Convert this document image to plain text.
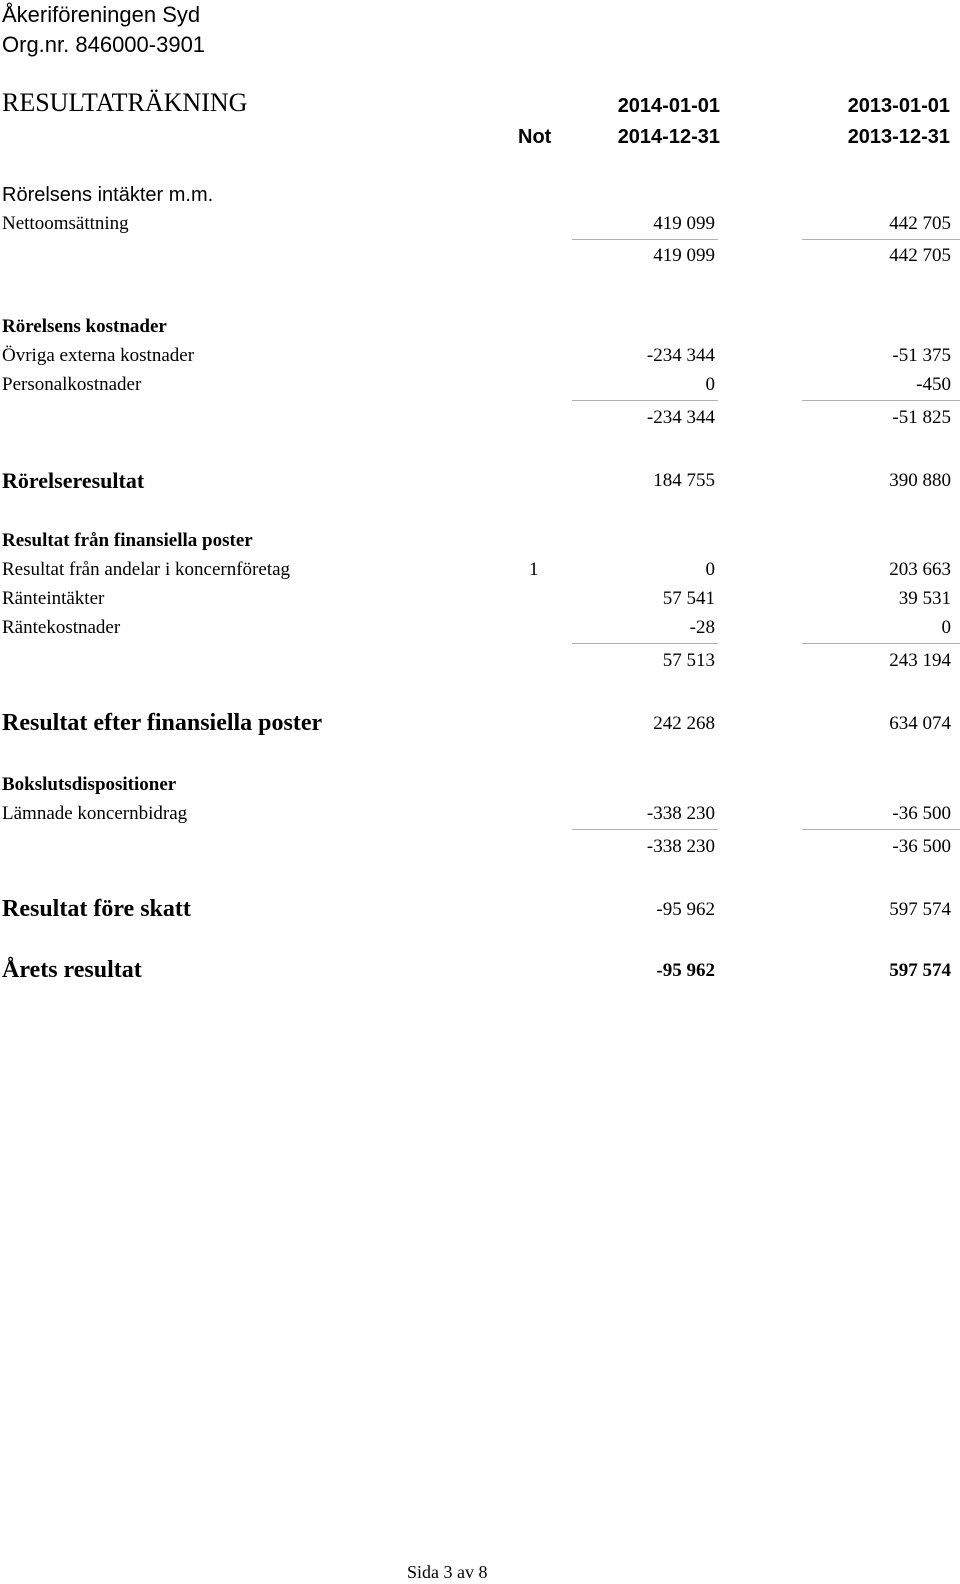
Åkeriföreningen Syd
Org.nr. 846000-3901
RESULTATRÄKNING	2014-01-01	2013-01-01
Not	2014-12-31	2013-12-31
Rörelsens intäkter m.m.
Nettoomsättning	419 099	442 705
419 099	442 705
Rörelsens kostnader
Övriga externa kostnader	-234 344	-51 375
Personalkostnader	0	-450
-234 344	-51 825
Rörelseresultat	184 755	390 880
Resultat från finansiella poster
Resultat från andelar i koncernföretag	1	0	203 663
Ränteintäkter	57 541	39 531
Räntekostnader	-28	0
57 513	243 194
Resultat efter finansiella poster	242 268	634 074
Bokslutsdispositioner
Lämnade koncernbidrag	-338 230	-36 500
-338 230	-36 500
Resultat före skatt	-95 962	597 574
Årets resultat	-95 962	597 574
Sida 3 av 8
